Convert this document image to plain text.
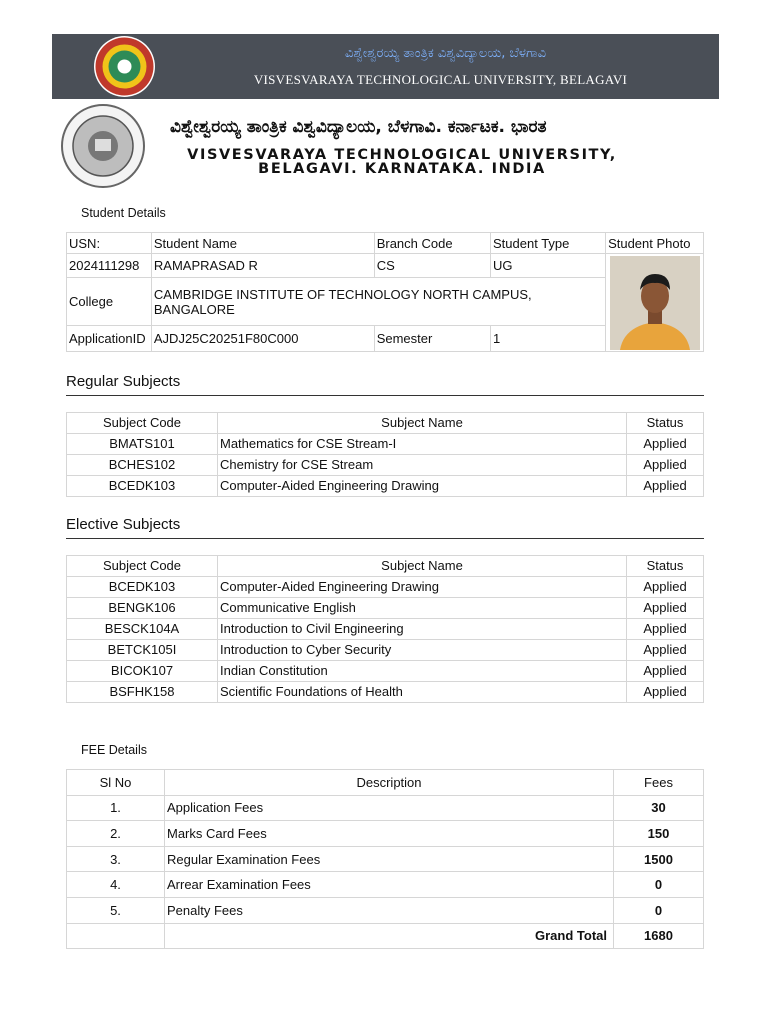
ವಿಶ್ವೇಶ್ವರಯ್ಯ ತಾಂತ್ರಿಕ ವಿಶ್ವವಿದ್ಯಾಲಯ, ಬೆಳಗಾವಿ
VISVESVARAYA TECHNOLOGICAL UNIVERSITY, BELAGAVI
ವಿಶ್ವೇಶ್ವರಯ್ಯ ತಾಂತ್ರಿಕ ವಿಶ್ವವಿದ್ಯಾಲಯ, ಬೆಳಗಾವಿ. ಕರ್ನಾಟಕ. ಭಾರತ
VISVESVARAYA TECHNOLOGICAL UNIVERSITY,
BELAGAVI. KARNATAKA. INDIA
Student Details
USN:	Student Name	Branch Code	Student Type	Student Photo
2024111298	RAMAPRASAD R	CS	UG	

College	CAMBRIDGE INSTITUTE OF TECHNOLOGY NORTH CAMPUS, BANGALORE			
ApplicationID	AJDJ25C20251F80C000	Semester	1	
Regular Subjects
Subject Code	Subject Name	Status
BMATS101	Mathematics for CSE Stream-I	Applied
BCHES102	Chemistry for CSE Stream	Applied
BCEDK103	Computer-Aided Engineering Drawing	Applied
Elective Subjects
Subject Code	Subject Name	Status
BCEDK103	Computer-Aided Engineering Drawing	Applied
BENGK106	Communicative English	Applied
BESCK104A	Introduction to Civil Engineering	Applied
BETCK105I	Introduction to Cyber Security	Applied
BICOK107	Indian Constitution	Applied
BSFHK158	Scientific Foundations of Health	Applied
FEE Details
Sl No	Description	Fees
1.	Application Fees	30
2.	Marks Card Fees	150
3.	Regular Examination Fees	1500
4.	Arrear Examination Fees	0
5.	Penalty Fees	0
	Grand Total	1680
